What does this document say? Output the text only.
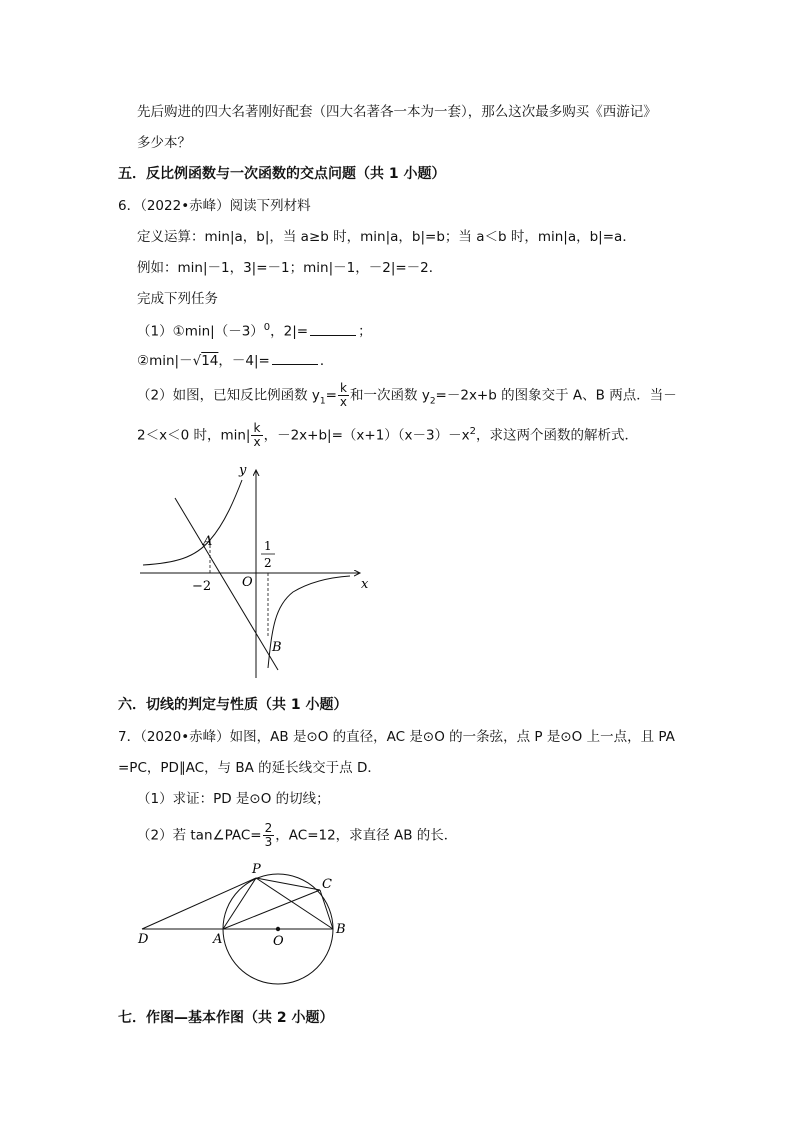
先后购进的四大名著刚好配套（四大名著各一本为一套），那么这次最多购买《西游记》
多少本？
五．反比例函数与一次函数的交点问题（共 1 小题）
6．（2022•赤峰）阅读下列材料
定义运算：min|a，b|，当 a≥b 时，min|a，b|=b；当 a＜b 时，min|a，b|=a．
例如：min|－1，3|=－1；min|－1，－2|=－2．
完成下列任务
$(1)①\min|(-3)^0$，2|=	；
②min|－√14，－4|=	．
（2）如图，已知反比例函数 $y_1= \frac{k}{x}$ 和一次函数 $y_2=-2x+b$ 的图象交于 A、B 两点．当－
2＜x＜0 时，$\min| \frac{k}{x}$ ，$-2x+b|=(x+1)(x-3)-x^2$，求这两个函数的解析式．
y
x
O
A
B
−2
1
2
六．切线的判定与性质（共 1 小题）
7．（2020•赤峰）如图，AB 是⊙O 的直径，AC 是⊙O 的一条弦，点 P 是⊙O 上一点，且 PA
=PC，PD∥AC，与 BA 的延长线交于点 D．
（1）求证：PD 是⊙O 的切线；
（2）若 tan∠PAC= $\frac{2}{3}$ ，AC=12，求直径 AB 的长．
P
C
D	A	O
B
七．作图—基本作图（共 2 小题）
